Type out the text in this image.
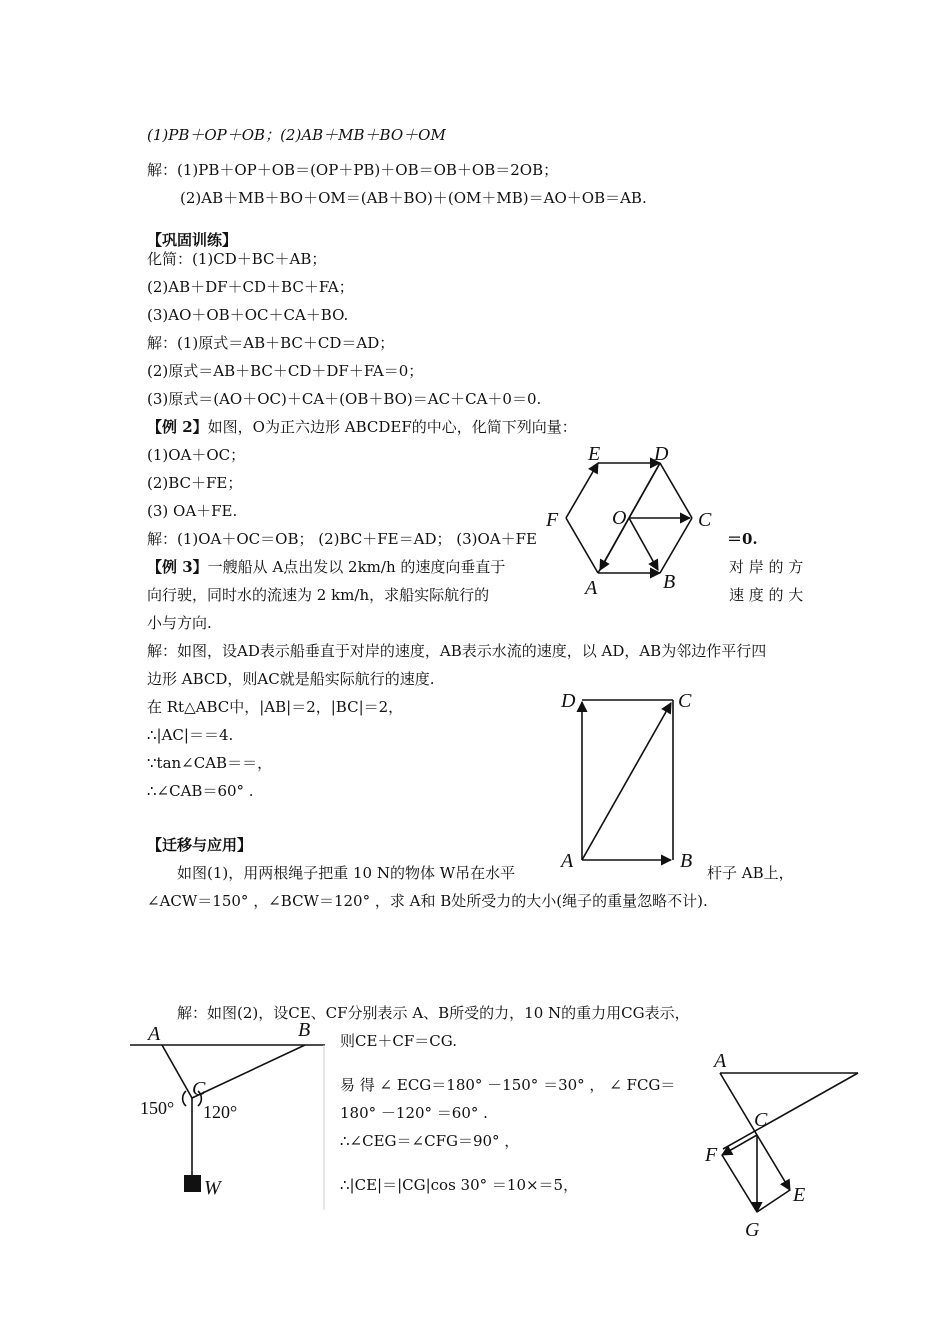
(1)PB＋OP＋OB；(2)AB＋MB＋BO＋OM
解：(1)PB＋OP＋OB＝(OP＋PB)＋OB＝OB＋OB＝2OB；
(2)AB＋MB＋BO＋OM＝(AB＋BO)＋(OM＋MB)＝AO＋OB＝AB.
【巩固训练】
化简：(1)CD＋BC＋AB；
(2)AB＋DF＋CD＋BC＋FA；
(3)AO＋OB＋OC＋CA＋BO.
解：(1)原式＝AB＋BC＋CD＝AD；
(2)原式＝AB＋BC＋CD＋DF＋FA＝0；
(3)原式＝(AO＋OC)＋CA＋(OB＋BO)＝AC＋CA＋0＝0.
【例 2】如图，O为正六边形 ABCDEF的中心，化简下列向量：
(1)OA＋OC；
(2)BC＋FE；
(3) OA＋FE.
解：(1)OA＋OC＝OB； (2)BC＋FE＝AD； (3)OA＋FE	＝0.
【例 3】一艘船从 A点出发以 2km/h 的速度向垂直于	对 岸 的 方
向行驶，同时水的流速为 2 km/h，求船实际航行的	速 度 的 大
小与方向.
解：如图，设AD表示船垂直于对岸的速度，AB表示水流的速度，以 AD，AB为邻边作平行四
边形 ABCD，则AC就是船实际航行的速度.
在 Rt△ABC中，|AB|＝2，|BC|＝2，
∴|AC|＝＝4.
∵tan∠CAB＝＝，
∴∠CAB＝60° .
【迁移与应用】
如图(1)，用两根绳子把重 10 N的物体 W吊在水平	杆子 AB上，
∠ACW＝150° ，∠BCW＝120° ，求 A和 B处所受力的大小(绳子的重量忽略不计).
解：如图(2)，设CE、CF分别表示 A、B所受的力，10 N的重力用CG表示，
则CE＋CF＝CG.
易 得 ∠ ECG＝180° －150° ＝30° ， ∠ FCG＝
180° －120° ＝60° .
∴∠CEG＝∠CFG＝90° ，
∴|CE|＝|CG|cos 30° ＝10×＝5，
E	D
F	O	C
A	B
D	C
A	B
A	B
C
150° 120°
W
A
C
F
E
G
